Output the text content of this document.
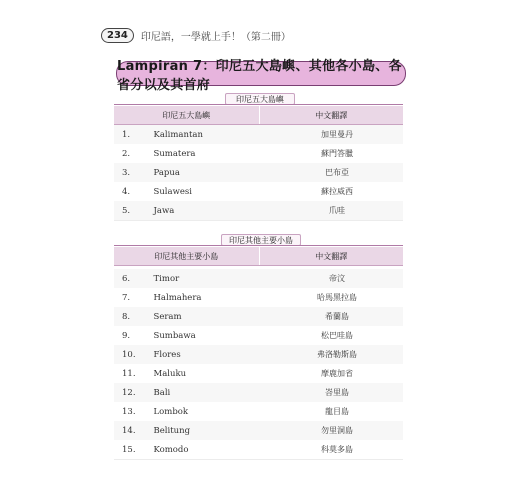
234	印尼語，一學就上手！（第二冊）
Lampiran 7：印尼五大島嶼、其他各小島、各省分以及其首府
印尼五大島嶼
印尼五大島嶼	中文翻譯
1.	Kalimantan	加里曼丹
2.	Sumatera	蘇門答臘
3.	Papua	巴布亞
4.	Sulawesi	蘇拉威西
5.	Jawa	爪哇
印尼其他主要小島
印尼其他主要小島	中文翻譯
6.	Timor	帝汶
7.	Halmahera	哈馬黑拉島
8.	Seram	希蘭島
9.	Sumbawa	松巴哇島
10.	Flores	弗洛勒斯島
11.	Maluku	摩鹿加省
12.	Bali	峇里島
13.	Lombok	龍目島
14.	Belitung	勿里洞島
15.	Komodo	科莫多島
